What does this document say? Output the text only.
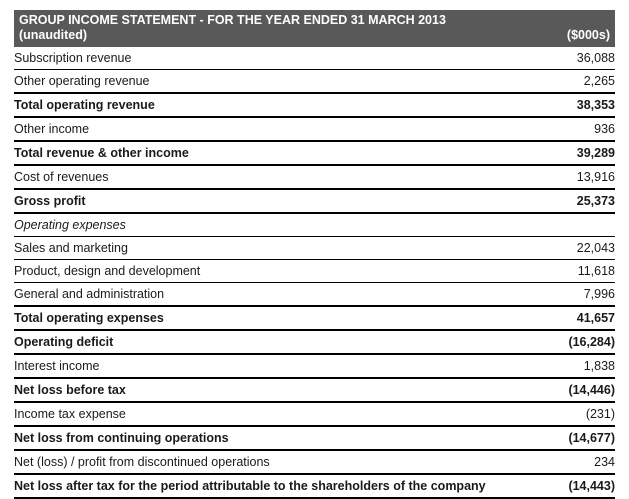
GROUP INCOME STATEMENT - FOR THE YEAR ENDED 31 MARCH 2013
(unaudited)	($000s)
Subscription revenue	36,088
Other operating revenue	2,265
Total operating revenue	38,353
Other income	936
Total revenue & other income	39,289
Cost of revenues	13,916
Gross profit	25,373
Operating expenses	
Sales and marketing	22,043
Product, design and development	11,618
General and administration	7,996
Total operating expenses	41,657
Operating deficit	(16,284)
Interest income	1,838
Net loss before tax	(14,446)
Income tax expense	(231)
Net loss from continuing operations	(14,677)
Net (loss) / profit from discontinued operations	234
Net loss after tax for the period attributable to the shareholders of the company	(14,443)
